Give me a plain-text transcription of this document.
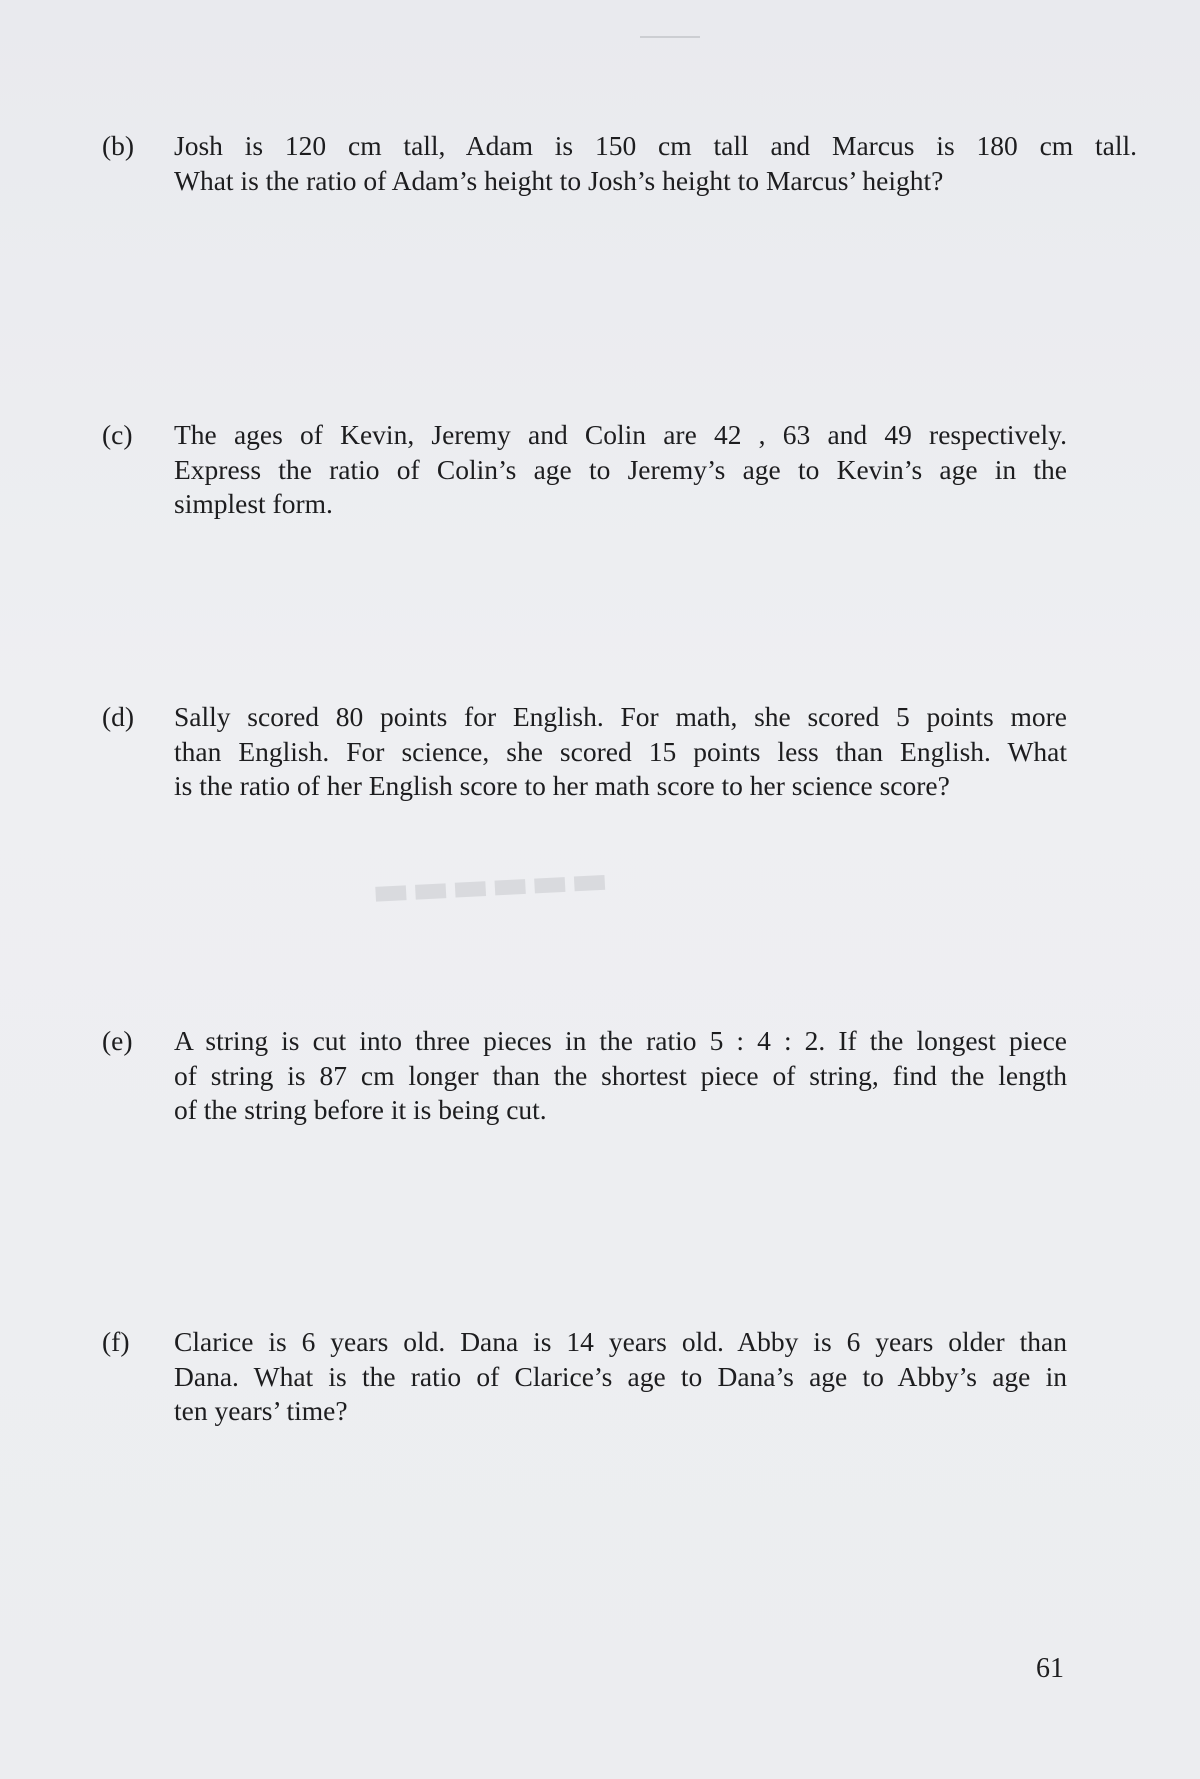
▬▬▬▬▬▬
(b)	Josh is 120 cm tall, Adam is 150 cm tall and Marcus is 180 cm tall.
What is the ratio of Adam’s height to Josh’s height to Marcus’ height?
(c)	The ages of Kevin, Jeremy and Colin are 42 , 63 and 49 respectively.
Express the ratio of Colin’s age to Jeremy’s age to Kevin’s age in the
simplest form.
(d)	Sally scored 80 points for English. For math, she scored 5 points more
than English. For science, she scored 15 points less than English. What
is the ratio of her English score to her math score to her science score?
(e)	A string is cut into three pieces in the ratio 5 : 4 : 2. If the longest piece
of string is 87 cm longer than the shortest piece of string, find the length
of the string before it is being cut.
(f)	Clarice is 6 years old. Dana is 14 years old. Abby is 6 years older than
Dana. What is the ratio of Clarice’s age to Dana’s age to Abby’s age in
ten years’ time?
61
